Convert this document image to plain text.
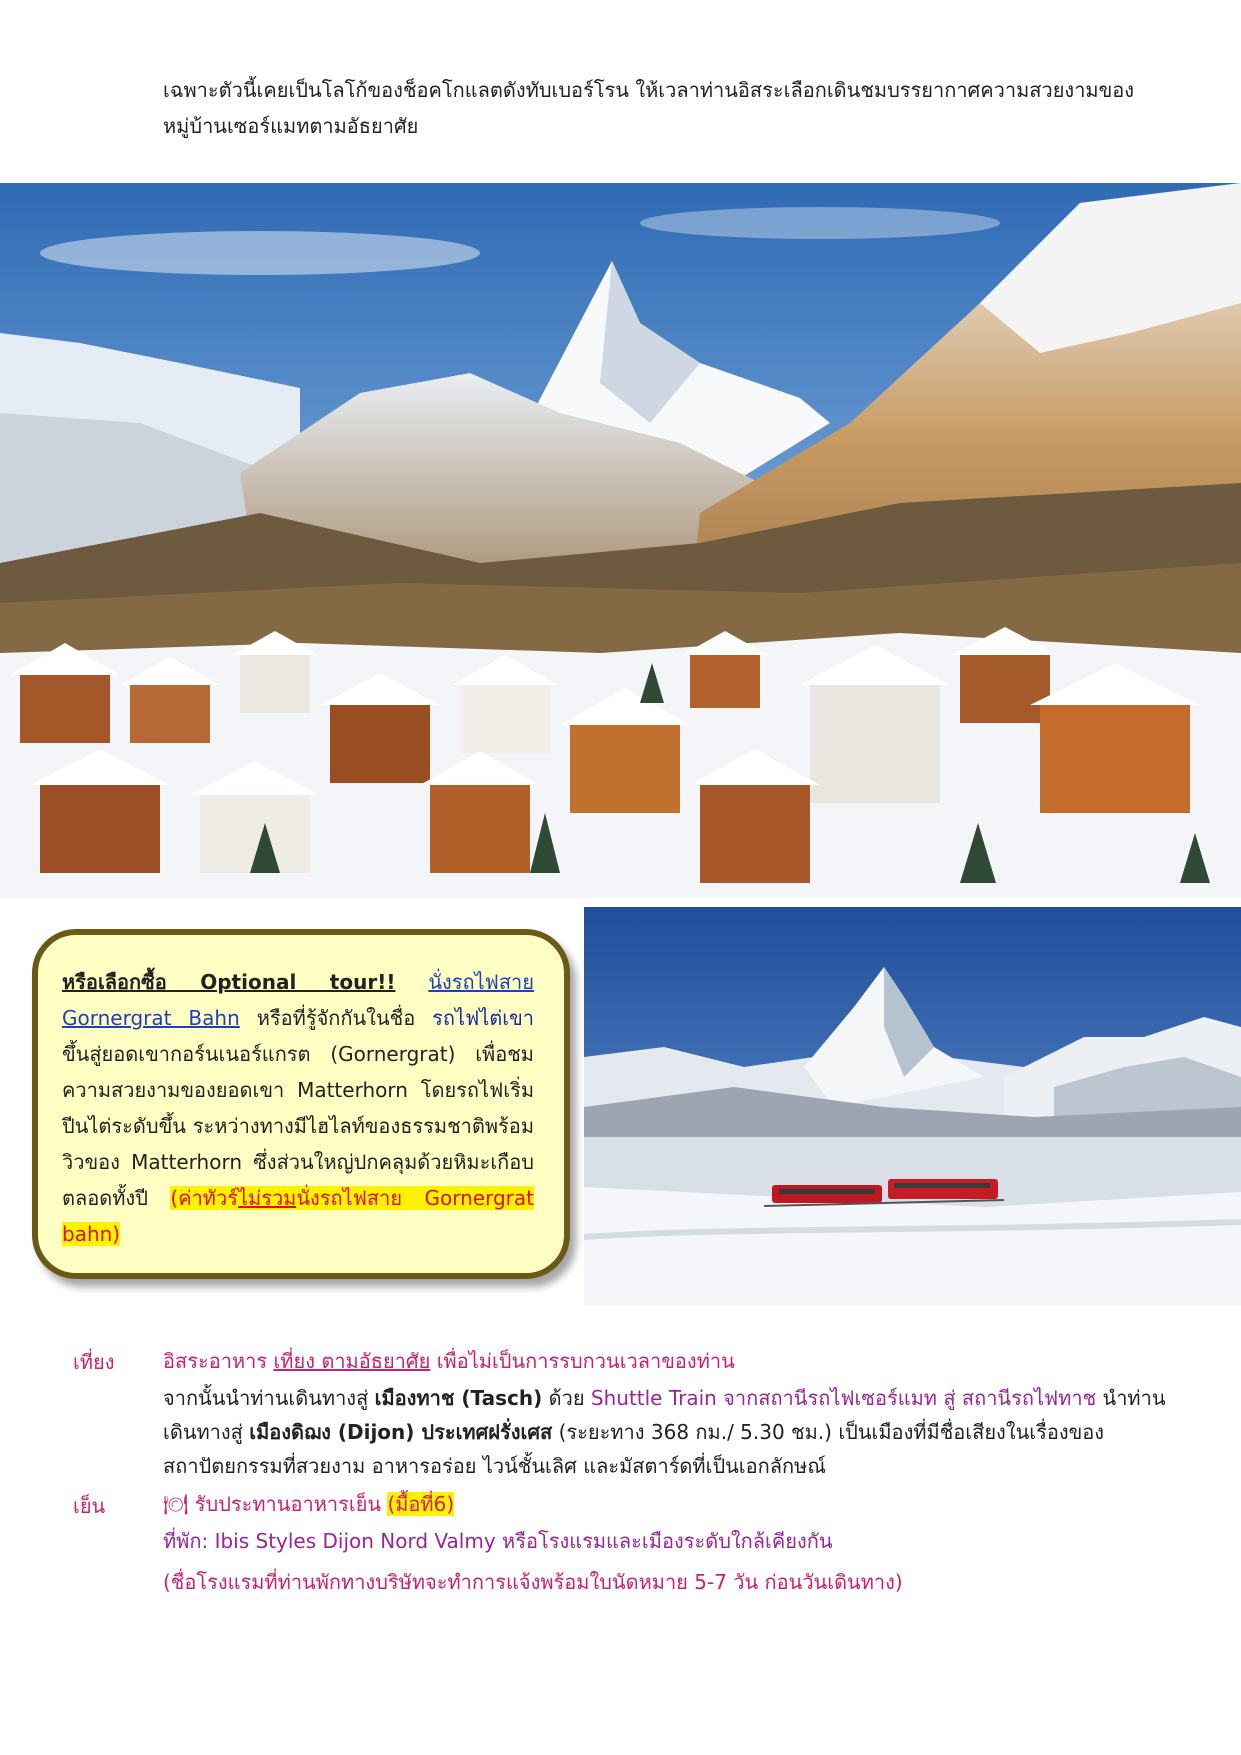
เฉพาะตัวนี้เคยเป็นโลโก้ของช็อคโกแลตดังทับเบอร์โรน ให้เวลาท่านอิสระเลือกเดินชมบรรยากาศความสวยงามของหมู่บ้านเซอร์แมทตามอัธยาศัย
หรือเลือกซื้อ Optional tour!! นั่งรถไฟสาย Gornergrat Bahn หรือที่รู้จักกันในชื่อ รถไฟไต่เขา ขึ้นสู่ยอดเขากอร์นเนอร์แกรต (Gornergrat) เพื่อชมความสวยงามของยอดเขา Matterhorn โดยรถไฟเริ่มปีนไต่ระดับขึ้น ระหว่างทางมีไฮไลท์ของธรรมชาติพร้อมวิวของ Matterhorn ซึ่งส่วนใหญ่ปกคลุมด้วยหิมะเกือบตลอดทั้งปี (ค่าทัวร์ไม่รวมนั่งรถไฟสาย Gornergrat bahn)
เที่ยง อิสระอาหาร เที่ยง ตามอัธยาศัย เพื่อไม่เป็นการรบกวนเวลาของท่าน
จากนั้นนำท่านเดินทางสู่ เมืองทาช (Tasch) ด้วย Shuttle Train จากสถานีรถไฟเซอร์แมท สู่ สถานีรถไฟทาช นำท่านเดินทางสู่ เมืองดิฌง (Dijon) ประเทศฝรั่งเศส (ระยะทาง 368 กม./ 5.30 ชม.) เป็นเมืองที่มีชื่อเสียงในเรื่องของสถาปัตยกรรมที่สวยงาม อาหารอร่อย ไวน์ชั้นเลิศ และมัสตาร์ดที่เป็นเอกลักษณ์
เย็น	🍽 รับประทานอาหารเย็น (มื้อที่6)
ที่พัก: Ibis Styles Dijon Nord Valmy หรือโรงแรมและเมืองระดับใกล้เคียงกัน
(ชื่อโรงแรมที่ท่านพักทางบริษัทจะทำการแจ้งพร้อมใบนัดหมาย 5-7 วัน ก่อนวันเดินทาง)
